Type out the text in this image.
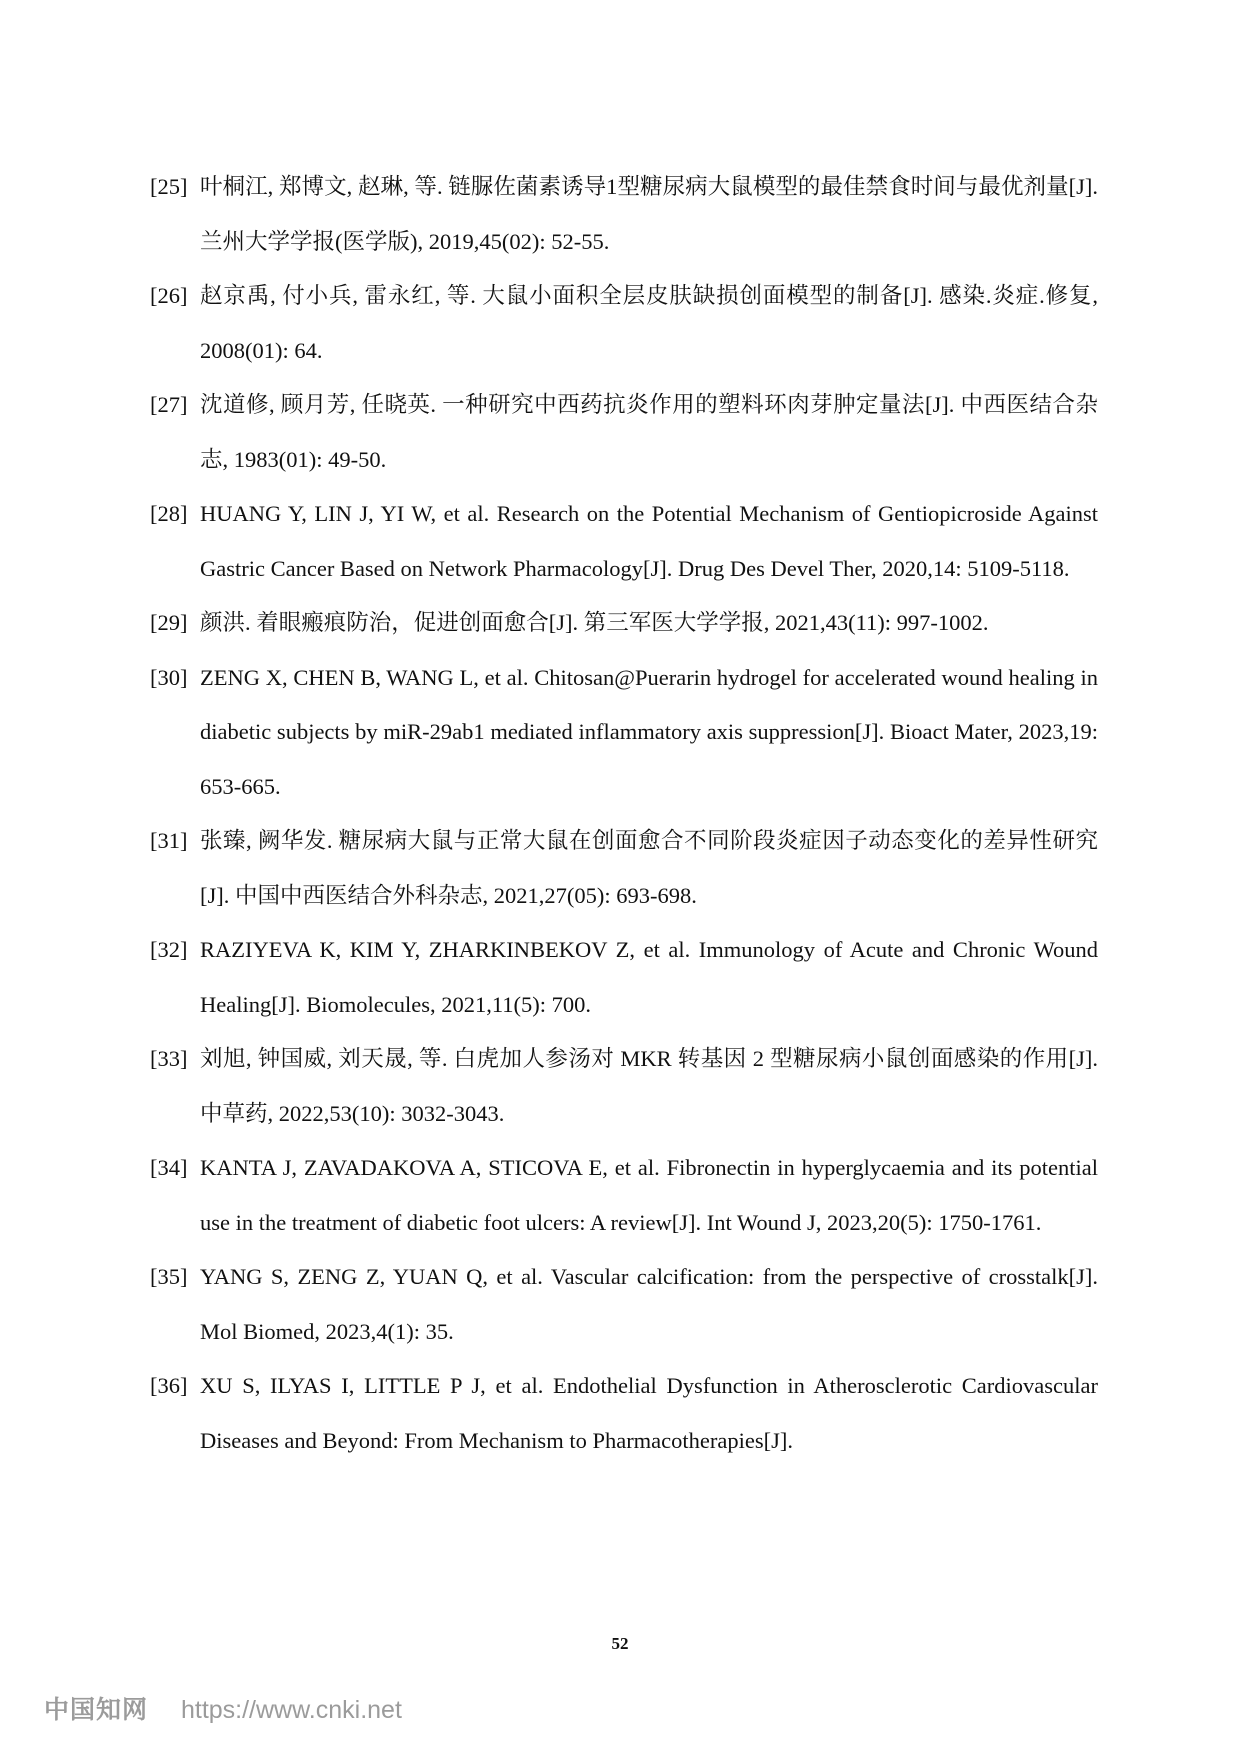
[25] 叶桐江, 郑博文, 赵琳, 等. 链脲佐菌素诱导1型糖尿病大鼠模型的最佳禁食时间与最优剂量[J]. 兰州大学学报(医学版), 2019,45(02): 52-55.
[26] 赵京禹, 付小兵, 雷永红, 等. 大鼠小面积全层皮肤缺损创面模型的制备[J]. 感染.炎症.修复, 2008(01): 64.
[27] 沈道修, 顾月芳, 任晓英. 一种研究中西药抗炎作用的塑料环肉芽肿定量法[J]. 中西医结合杂志, 1983(01): 49-50.
[28] HUANG Y, LIN J, YI W, et al. Research on the Potential Mechanism of Gentiopicroside Against Gastric Cancer Based on Network Pharmacology[J]. Drug Des Devel Ther, 2020,14: 5109-5118.
[29] 颜洪. 着眼瘢痕防治，促进创面愈合[J]. 第三军医大学学报, 2021,43(11): 997-1002.
[30] ZENG X, CHEN B, WANG L, et al. Chitosan@Puerarin hydrogel for accelerated wound healing in diabetic subjects by miR-29ab1 mediated inflammatory axis suppression[J]. Bioact Mater, 2023,19: 653-665.
[31] 张臻, 阙华发. 糖尿病大鼠与正常大鼠在创面愈合不同阶段炎症因子动态变化的差异性研究[J]. 中国中西医结合外科杂志, 2021,27(05): 693-698.
[32] RAZIYEVA K, KIM Y, ZHARKINBEKOV Z, et al. Immunology of Acute and Chronic Wound Healing[J]. Biomolecules, 2021,11(5): 700.
[33] 刘旭, 钟国威, 刘天晟, 等. 白虎加人参汤对 MKR 转基因 2 型糖尿病小鼠创面感染的作用[J]. 中草药, 2022,53(10): 3032-3043.
[34] KANTA J, ZAVADAKOVA A, STICOVA E, et al. Fibronectin in hyperglycaemia and its potential use in the treatment of diabetic foot ulcers: A review[J]. Int Wound J, 2023,20(5): 1750-1761.
[35] YANG S, ZENG Z, YUAN Q, et al. Vascular calcification: from the perspective of crosstalk[J]. Mol Biomed, 2023,4(1): 35.
[36] XU S, ILYAS I, LITTLE P J, et al. Endothelial Dysfunction in Atherosclerotic Cardiovascular Diseases and Beyond: From Mechanism to Pharmacotherapies[J].
52
中国知网 https://www.cnki.net
